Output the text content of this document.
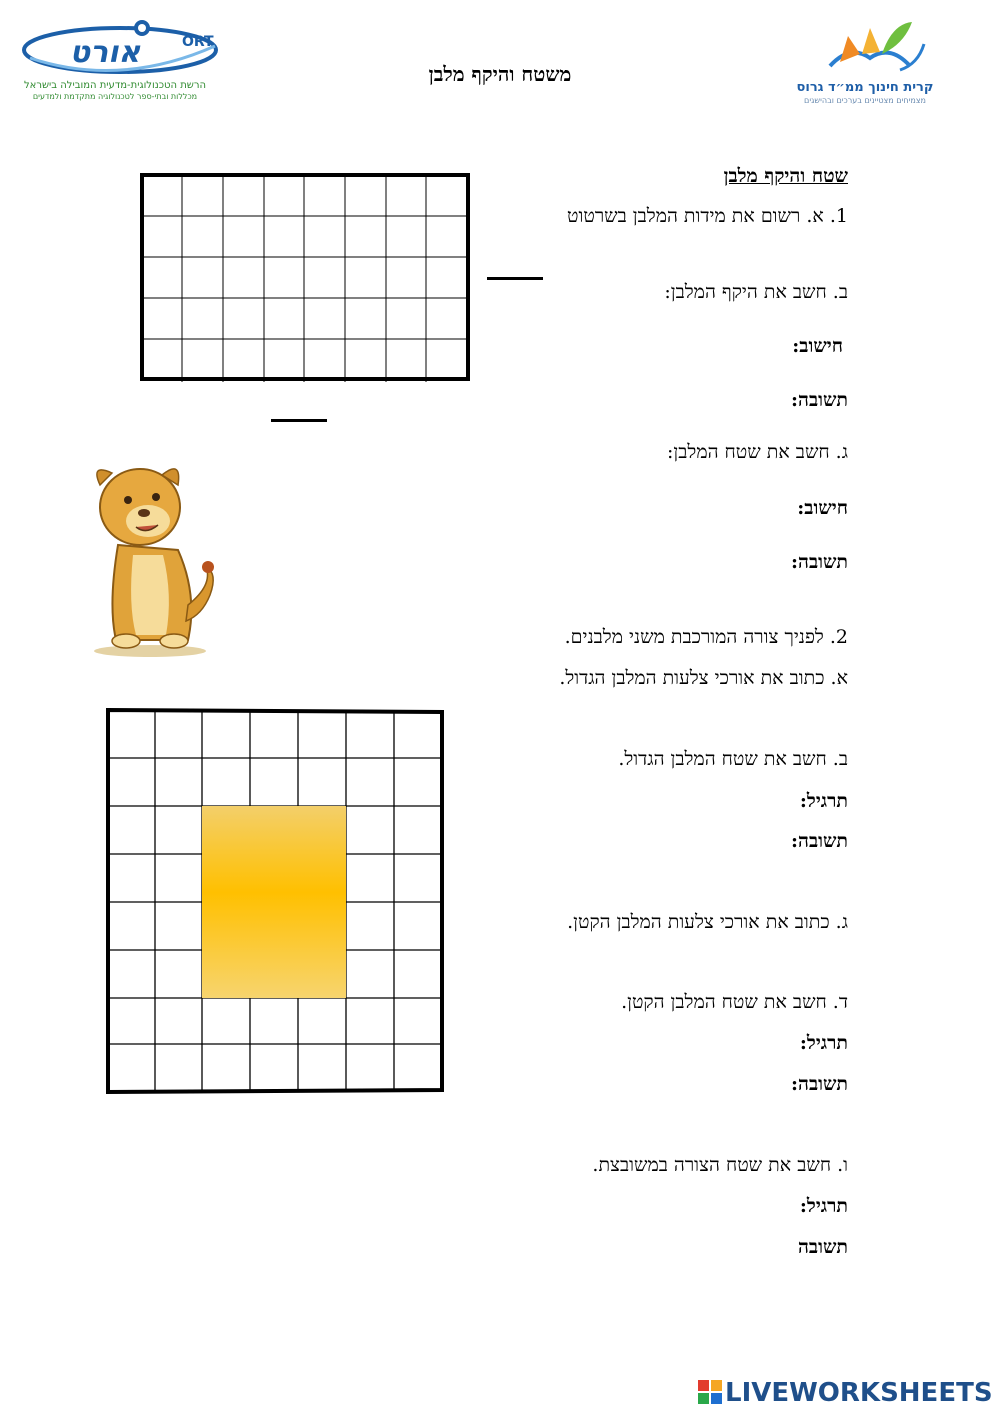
אורט	ORT
הרשת הטכנולוגית-מדעית המובילה בישראל
מכללות ובתי-ספר לטכנולוגיה מתקדמת ולמדעים
משטח והיקף מלבן
קרית חינוך ממ״ד גרוס
מצמיחים מצטיינים בערכים ובהישגים
שטח והיקף מלבן
1. א. רשום את מידות המלבן בשרטוט
ב. חשב את היקף המלבן:
חישוב:
תשובה:
ג. חשב את שטח המלבן:
חישוב:
תשובה:
2. לפניך צורה המורכבת משני מלבנים.
א. כתוב את אורכי צלעות המלבן הגדול.
ב. חשב את שטח המלבן הגדול.
תרגיל:
תשובה:
ג. כתוב את אורכי צלעות המלבן הקטן.
ד. חשב את שטח המלבן הקטן.
תרגיל:
תשובה:
ו. חשב את שטח הצורה במשובצת.
תרגיל:
תשובה
LIVEWORKSHEETS
